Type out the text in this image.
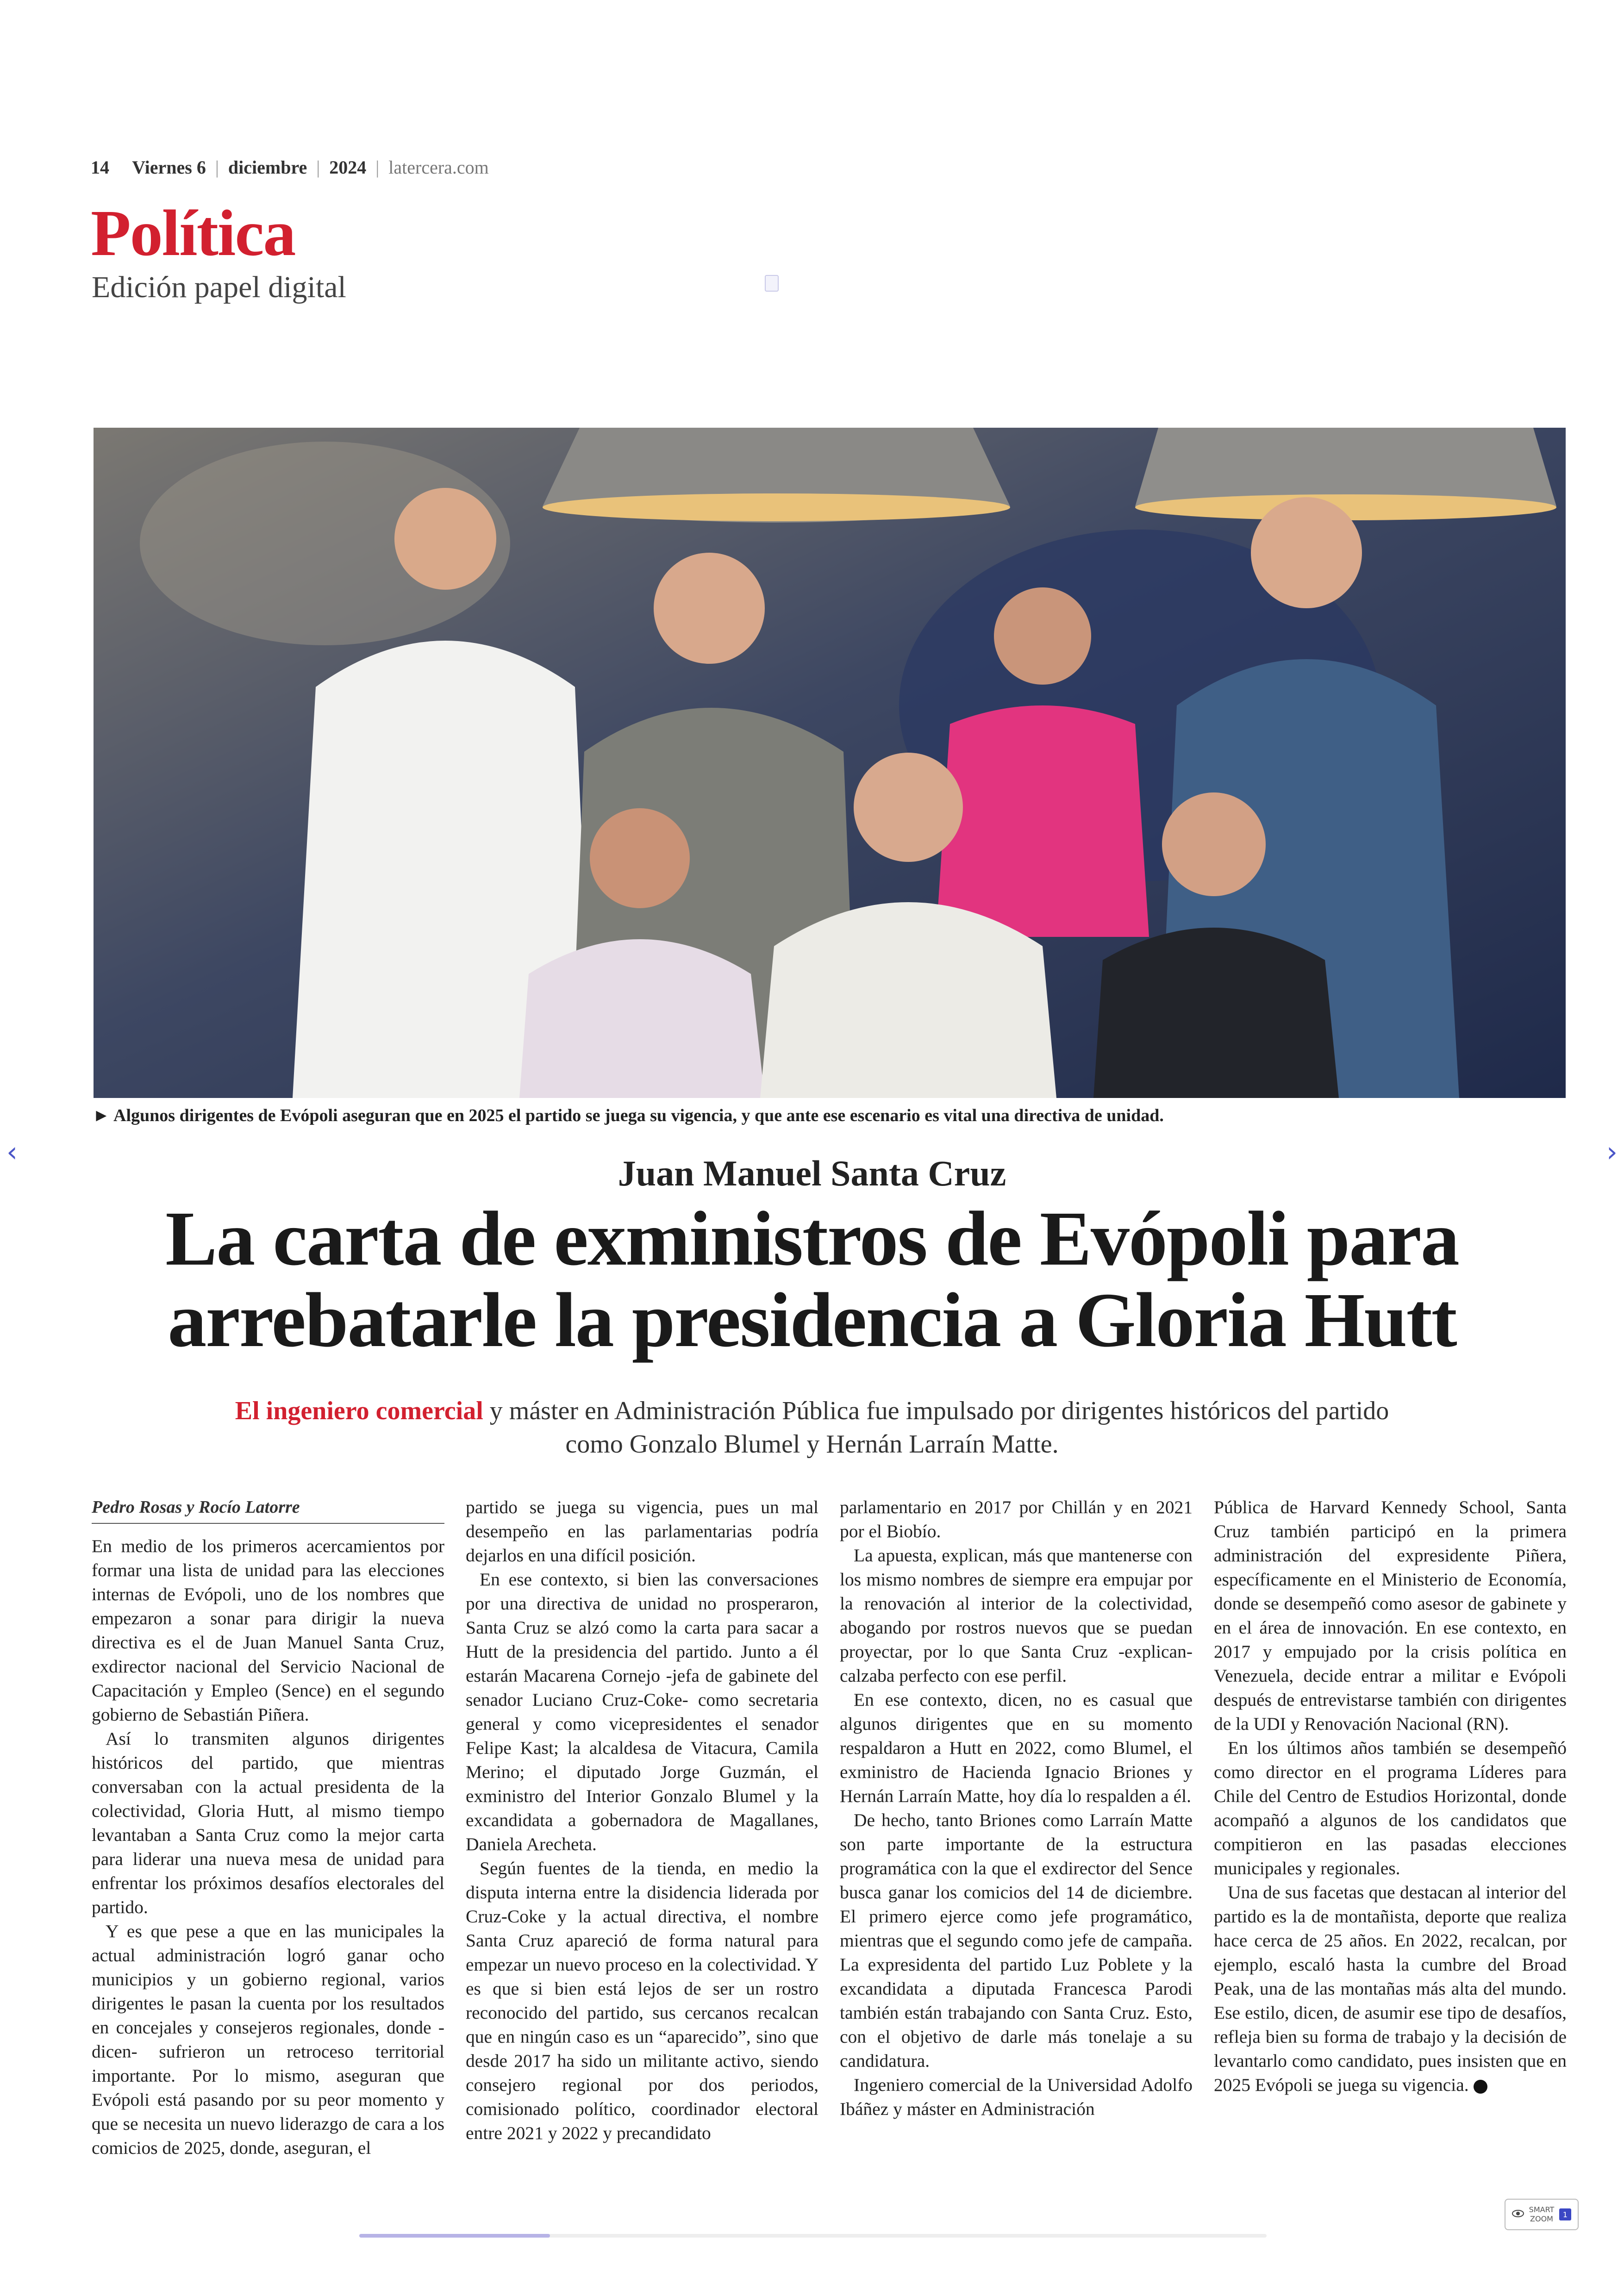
14 Viernes 6 | diciembre | 2024 | latercera.com
Política
Edición papel digital
► Algunos dirigentes de Evópoli aseguran que en 2025 el partido se juega su vigencia, y que ante ese escenario es vital una directiva de unidad.
‹	›
Juan Manuel Santa Cruz
La carta de exministros de Evópoli para arrebatarle la presidencia a Gloria Hutt
El ingeniero comercial y máster en Administración Pública fue impulsado por dirigentes históricos del partido como Gonzalo Blumel y Hernán Larraín Matte.
Pedro Rosas y Rocío Latorre

En medio de los primeros acercamientos por formar una lista de unidad para las elecciones internas de Evópoli, uno de los nombres que empezaron a sonar para dirigir la nueva directiva es el de Juan Manuel Santa Cruz, exdirector nacional del Servicio Nacional de Capacitación y Empleo (Sence) en el segundo gobierno de Sebastián Piñera.

Así lo transmiten algunos dirigentes históricos del partido, que mientras conversaban con la actual presidenta de la colectividad, Gloria Hutt, al mismo tiempo levantaban a Santa Cruz como la mejor carta para liderar una nueva mesa de unidad para enfrentar los próximos desafíos electorales del partido.

Y es que pese a que en las municipales la actual administración logró ganar ocho municipios y un gobierno regional, varios dirigentes le pasan la cuenta por los resultados en concejales y consejeros regionales, donde -dicen- sufrieron un retroceso territorial importante. Por lo mismo, aseguran que Evópoli está pasando por su peor momento y que se necesita un nuevo liderazgo de cara a los comicios de 2025, donde, aseguran, el

partido se juega su vigencia, pues un mal desempeño en las parlamentarias podría dejarlos en una difícil posición.

En ese contexto, si bien las conversaciones por una directiva de unidad no prosperaron, Santa Cruz se alzó como la carta para sacar a Hutt de la presidencia del partido. Junto a él estarán Macarena Cornejo -jefa de gabinete del senador Luciano Cruz-Coke- como secretaria general y como vicepresidentes el senador Felipe Kast; la alcaldesa de Vitacura, Camila Merino; el diputado Jorge Guzmán, el exministro del Interior Gonzalo Blumel y la excandidata a gobernadora de Magallanes, Daniela Arecheta.

Según fuentes de la tienda, en medio la disputa interna entre la disidencia liderada por Cruz-Coke y la actual directiva, el nombre Santa Cruz apareció de forma natural para empezar un nuevo proceso en la colectividad. Y es que si bien está lejos de ser un rostro reconocido del partido, sus cercanos recalcan que en ningún caso es un “aparecido”, sino que desde 2017 ha sido un militante activo, siendo consejero regional por dos periodos, comisionado político, coordinador electoral entre 2021 y 2022 y precandidato

parlamentario en 2017 por Chillán y en 2021 por el Biobío.

La apuesta, explican, más que mantenerse con los mismo nombres de siempre era empujar por la renovación al interior de la colectividad, abogando por rostros nuevos que se puedan proyectar, por lo que Santa Cruz -explican- calzaba perfecto con ese perfil.

En ese contexto, dicen, no es casual que algunos dirigentes que en su momento respaldaron a Hutt en 2022, como Blumel, el exministro de Hacienda Ignacio Briones y Hernán Larraín Matte, hoy día lo respalden a él.

De hecho, tanto Briones como Larraín Matte son parte importante de la estructura programática con la que el exdirector del Sence busca ganar los comicios del 14 de diciembre. El primero ejerce como jefe programático, mientras que el segundo como jefe de campaña. La expresidenta del partido Luz Poblete y la excandidata a diputada Francesca Parodi también están trabajando con Santa Cruz. Esto, con el objetivo de darle más tonelaje a su candidatura.

Ingeniero comercial de la Universidad Adolfo Ibáñez y máster en Administración

Pública de Harvard Kennedy School, Santa Cruz también participó en la primera administración del expresidente Piñera, específicamente en el Ministerio de Economía, donde se desempeñó como asesor de gabinete y en el área de innovación. En ese contexto, en 2017 y empujado por la crisis política en Venezuela, decide entrar a militar e Evópoli después de entrevistarse también con dirigentes de la UDI y Renovación Nacional (RN).

En los últimos años también se desempeñó como director en el programa Líderes para Chile del Centro de Estudios Horizontal, donde acompañó a algunos de los candidatos que compitieron en las pasadas elecciones municipales y regionales.

Una de sus facetas que destacan al interior del partido es la de montañista, deporte que realiza hace cerca de 25 años. En 2022, recalcan, por ejemplo, escaló hasta la cumbre del Broad Peak, una de las montañas más alta del mundo. Ese estilo, dicen, de asumir ese tipo de desafíos, refleja bien su forma de trabajo y la decisión de levantarlo como candidato, pues insisten que en 2025 Evópoli se juega su vigencia.

SMART
ZOOM	1
